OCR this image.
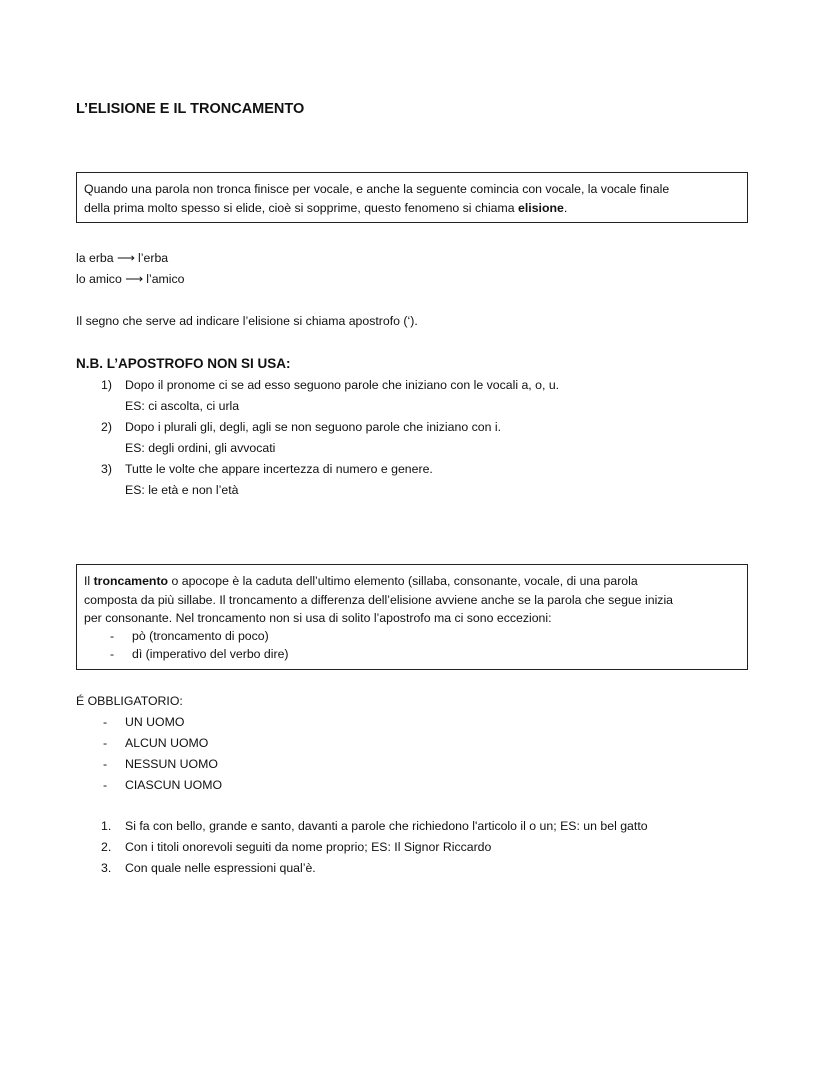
L’ELISIONE E IL TRONCAMENTO
Quando una parola non tronca finisce per vocale, e anche la seguente comincia con vocale, la vocale finale
della prima molto spesso si elide, cioè si sopprime, questo fenomeno si chiama elisione.
la erba ⟶ l’erba
lo amico ⟶ l’amico
Il segno che serve ad indicare l’elisione si chiama apostrofo (‘).
N.B. L’APOSTROFO NON SI USA:
1) Dopo il pronome ci se ad esso seguono parole che iniziano con le vocali a, o, u.
ES: ci ascolta, ci urla
2) Dopo i plurali gli, degli, agli se non seguono parole che iniziano con i.
ES: degli ordini, gli avvocati
3) Tutte le volte che appare incertezza di numero e genere.
ES: le età e non l’età
Il troncamento o apocope è la caduta dell’ultimo elemento (sillaba, consonante, vocale, di una parola
composta da più sillabe. Il troncamento a differenza dell’elisione avviene anche se la parola che segue inizia
per consonante. Nel troncamento non si usa di solito l’apostrofo ma ci sono eccezioni:
- pò (troncamento di poco)
- dì (imperativo del verbo dire)
É OBBLIGATORIO:
- UN UOMO
- ALCUN UOMO
- NESSUN UOMO
- CIASCUN UOMO
1. Si fa con bello, grande e santo, davanti a parole che richiedono l'articolo il o un; ES: un bel gatto
2. Con i titoli onorevoli seguiti da nome proprio; ES: Il Signor Riccardo
3. Con quale nelle espressioni qual’è.
